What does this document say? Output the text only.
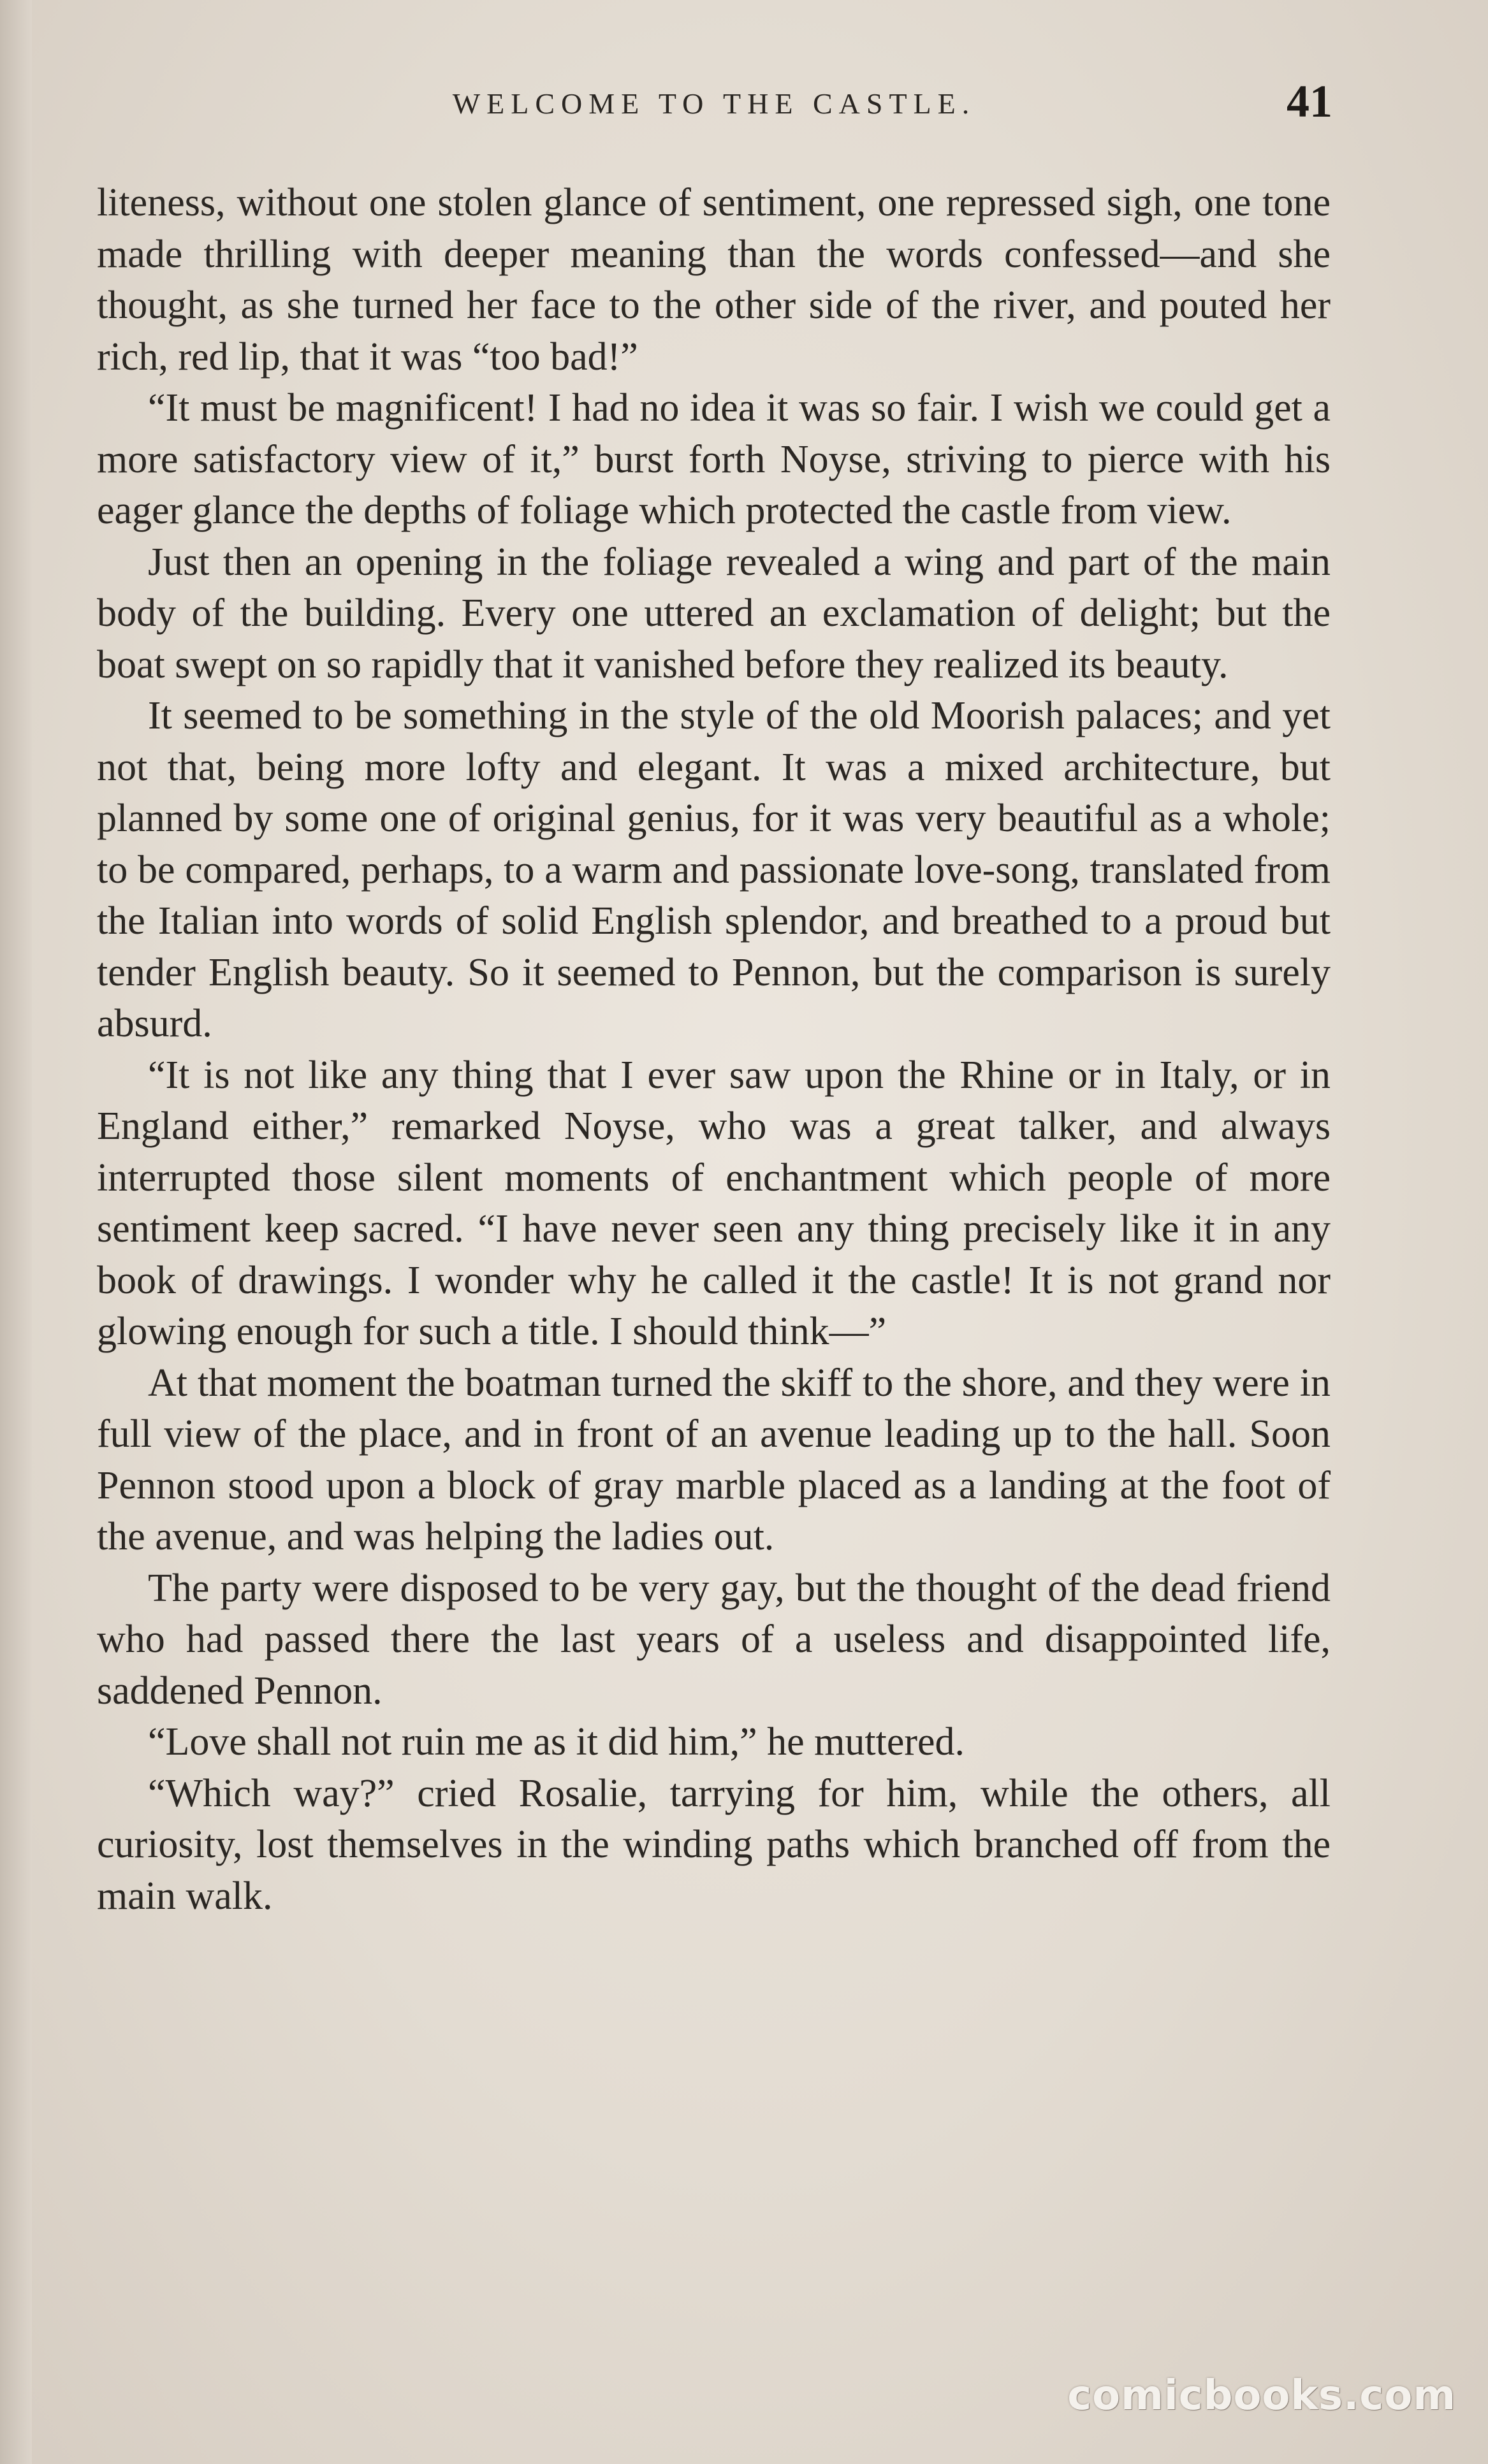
WELCOME TO THE CASTLE.	41

liteness, without one stolen glance of sentiment, one repressed sigh, one tone made thrilling with deeper meaning than the words confessed—and she thought, as she turned her face to the other side of the river, and pouted her rich, red lip, that it was “too bad!”

“It must be magnificent! I had no idea it was so fair. I wish we could get a more satisfactory view of it,” burst forth Noyse, striving to pierce with his eager glance the depths of foliage which protected the castle from view.

Just then an opening in the foliage revealed a wing and part of the main body of the building. Every one uttered an exclamation of delight; but the boat swept on so rapidly that it vanished before they realized its beauty.

It seemed to be something in the style of the old Moorish palaces; and yet not that, being more lofty and elegant. It was a mixed architecture, but planned by some one of original genius, for it was very beautiful as a whole; to be compared, perhaps, to a warm and passionate love-song, translated from the Italian into words of solid English splendor, and breathed to a proud but tender English beauty. So it seemed to Pennon, but the comparison is surely absurd.

“It is not like any thing that I ever saw upon the Rhine or in Italy, or in England either,” remarked Noyse, who was a great talker, and always interrupted those silent moments of enchantment which people of more sentiment keep sacred. “I have never seen any thing precisely like it in any book of drawings. I wonder why he called it the castle! It is not grand nor glowing enough for such a title. I should think—”

At that moment the boatman turned the skiff to the shore, and they were in full view of the place, and in front of an avenue leading up to the hall. Soon Pennon stood upon a block of gray marble placed as a landing at the foot of the avenue, and was helping the ladies out.

The party were disposed to be very gay, but the thought of the dead friend who had passed there the last years of a useless and disappointed life, saddened Pennon.

“Love shall not ruin me as it did him,” he muttered.

“Which way?” cried Rosalie, tarrying for him, while the others, all curiosity, lost themselves in the winding paths which branched off from the main walk.

comicbooks.com
